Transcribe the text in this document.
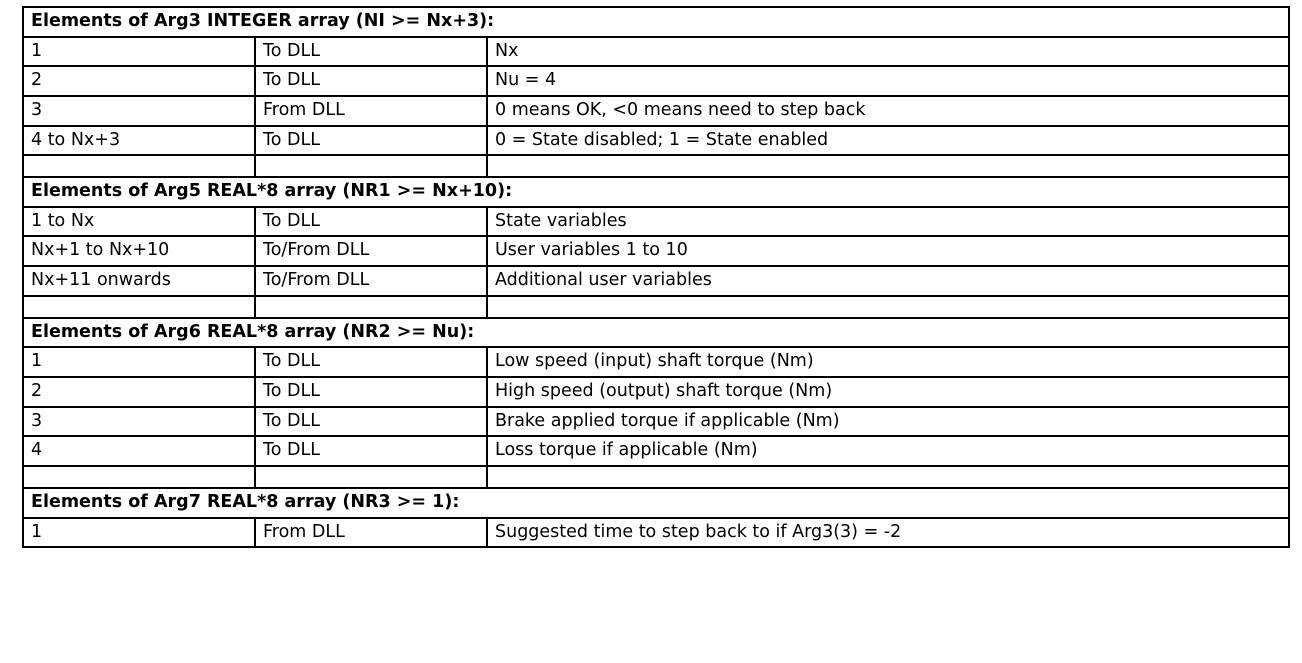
Elements of Arg3 INTEGER array (NI >= Nx+3):		
1	To DLL	Nx
2	To DLL	Nu = 4
3	From DLL	0 means OK, <0 means need to step back
4 to Nx+3	To DLL	0 = State disabled; 1 = State enabled

Elements of Arg5 REAL*8 array (NR1 >= Nx+10):		
1 to Nx	To DLL	State variables
Nx+1 to Nx+10	To/From DLL	User variables 1 to 10
Nx+11 onwards	To/From DLL	Additional user variables

Elements of Arg6 REAL*8 array (NR2 >= Nu):		
1	To DLL	Low speed (input) shaft torque (Nm)
2	To DLL	High speed (output) shaft torque (Nm)
3	To DLL	Brake applied torque if applicable (Nm)
4	To DLL	Loss torque if applicable (Nm)

Elements of Arg7 REAL*8 array (NR3 >= 1):		
1	From DLL	Suggested time to step back to if Arg3(3) = -2
